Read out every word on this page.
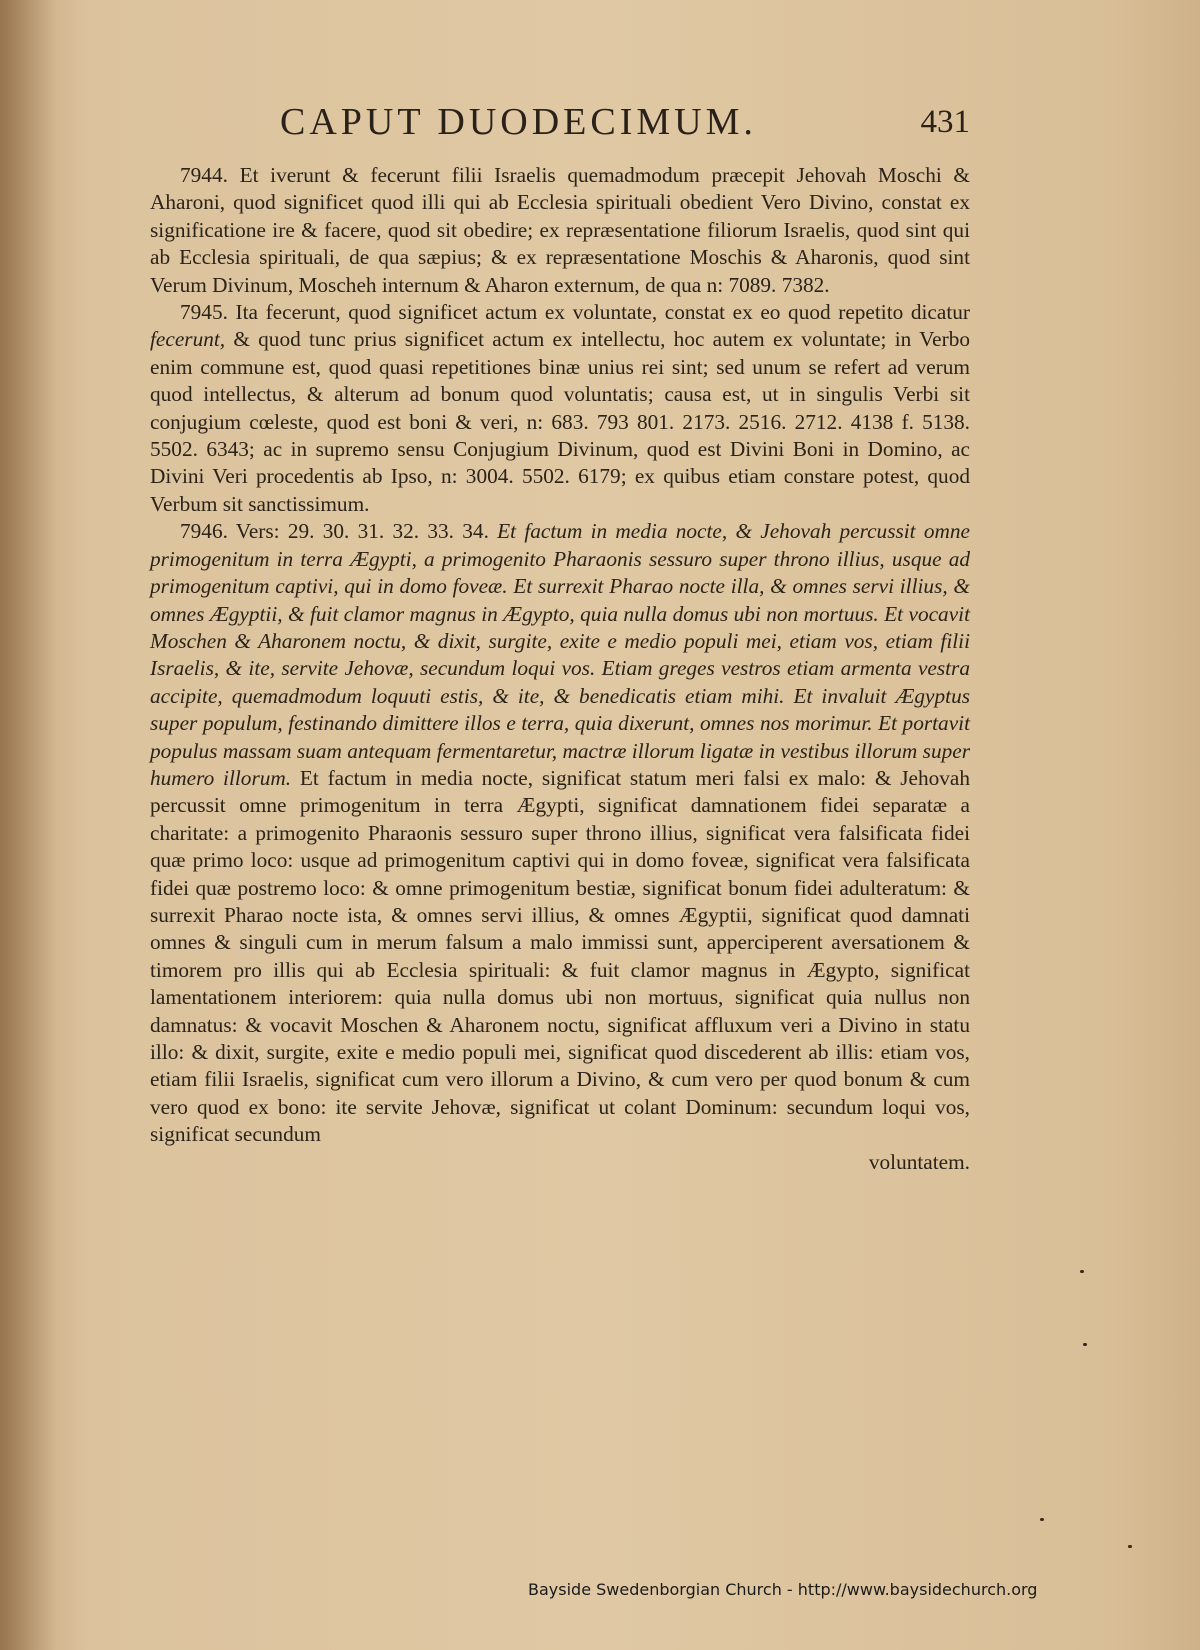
CAPUT DUODECIMUM.	431

7944. Et iverunt & fecerunt filii Israelis quemadmodum præcepit Jehovah Moschi & Aharoni, quod significet quod illi qui ab Ecclesia spirituali obedient Vero Divino, constat ex significatione ire & facere, quod sit obedire; ex repræsentatione filiorum Israelis, quod sint qui ab Ecclesia spirituali, de qua sæpius; & ex repræsentatione Moschis & Aharonis, quod sint Verum Divinum, Moscheh internum & Aharon externum, de qua n: 7089. 7382.

7945. Ita fecerunt, quod significet actum ex voluntate, constat ex eo quod repetito dicatur fecerunt, & quod tunc prius significet actum ex intellectu, hoc autem ex voluntate; in Verbo enim commune est, quod quasi repetitiones binæ unius rei sint; sed unum se refert ad verum quod intellectus, & alterum ad bonum quod voluntatis; causa est, ut in singulis Verbi sit conjugium cœleste, quod est boni & veri, n: 683. 793 801. 2173. 2516. 2712. 4138 f. 5138. 5502. 6343; ac in supremo sensu Conjugium Divinum, quod est Divini Boni in Domino, ac Divini Veri procedentis ab Ipso, n: 3004. 5502. 6179; ex quibus etiam constare potest, quod Verbum sit sanctissimum.

7946. Vers: 29. 30. 31. 32. 33. 34. Et factum in media nocte, & Jehovah percussit omne primogenitum in terra Ægypti, a primogenito Pharaonis sessuro super throno illius, usque ad primogenitum captivi, qui in domo foveæ. Et surrexit Pharao nocte illa, & omnes servi illius, & omnes Ægyptii, & fuit clamor magnus in Ægypto, quia nulla domus ubi non mortuus. Et vocavit Moschen & Aharonem noctu, & dixit, surgite, exite e medio populi mei, etiam vos, etiam filii Israelis, & ite, servite Jehovæ, secundum loqui vos. Etiam greges vestros etiam armenta vestra accipite, quemadmodum loquuti estis, & ite, & benedicatis etiam mihi. Et invaluit Ægyptus super populum, festinando dimittere illos e terra, quia dixerunt, omnes nos morimur. Et portavit populus massam suam antequam fermentaretur, mactræ illorum ligatæ in vestibus illorum super humero illorum. Et factum in media nocte, significat statum meri falsi ex malo: & Jehovah percussit omne primogenitum in terra Ægypti, significat damnationem fidei separatæ a charitate: a primogenito Pharaonis sessuro super throno illius, significat vera falsificata fidei quæ primo loco: usque ad primogenitum captivi qui in domo foveæ, significat vera falsificata fidei quæ postremo loco: & omne primogenitum bestiæ, significat bonum fidei adulteratum: & surrexit Pharao nocte ista, & omnes servi illius, & omnes Ægyptii, significat quod damnati omnes & singuli cum in merum falsum a malo immissi sunt, apperciperent aversationem & timorem pro illis qui ab Ecclesia spirituali: & fuit clamor magnus in Ægypto, significat lamentationem interiorem: quia nulla domus ubi non mortuus, significat quia nullus non damnatus: & vocavit Moschen & Aharonem noctu, significat affluxum veri a Divino in statu illo: & dixit, surgite, exite e medio populi mei, significat quod discederent ab illis: etiam vos, etiam filii Israelis, significat cum vero illorum a Divino, & cum vero per quod bonum & cum vero quod ex bono: ite servite Jehovæ, significat ut colant Dominum: secundum loqui vos, significat secundum

voluntatem.

Bayside Swedenborgian Church - http://www.baysidechurch.org
